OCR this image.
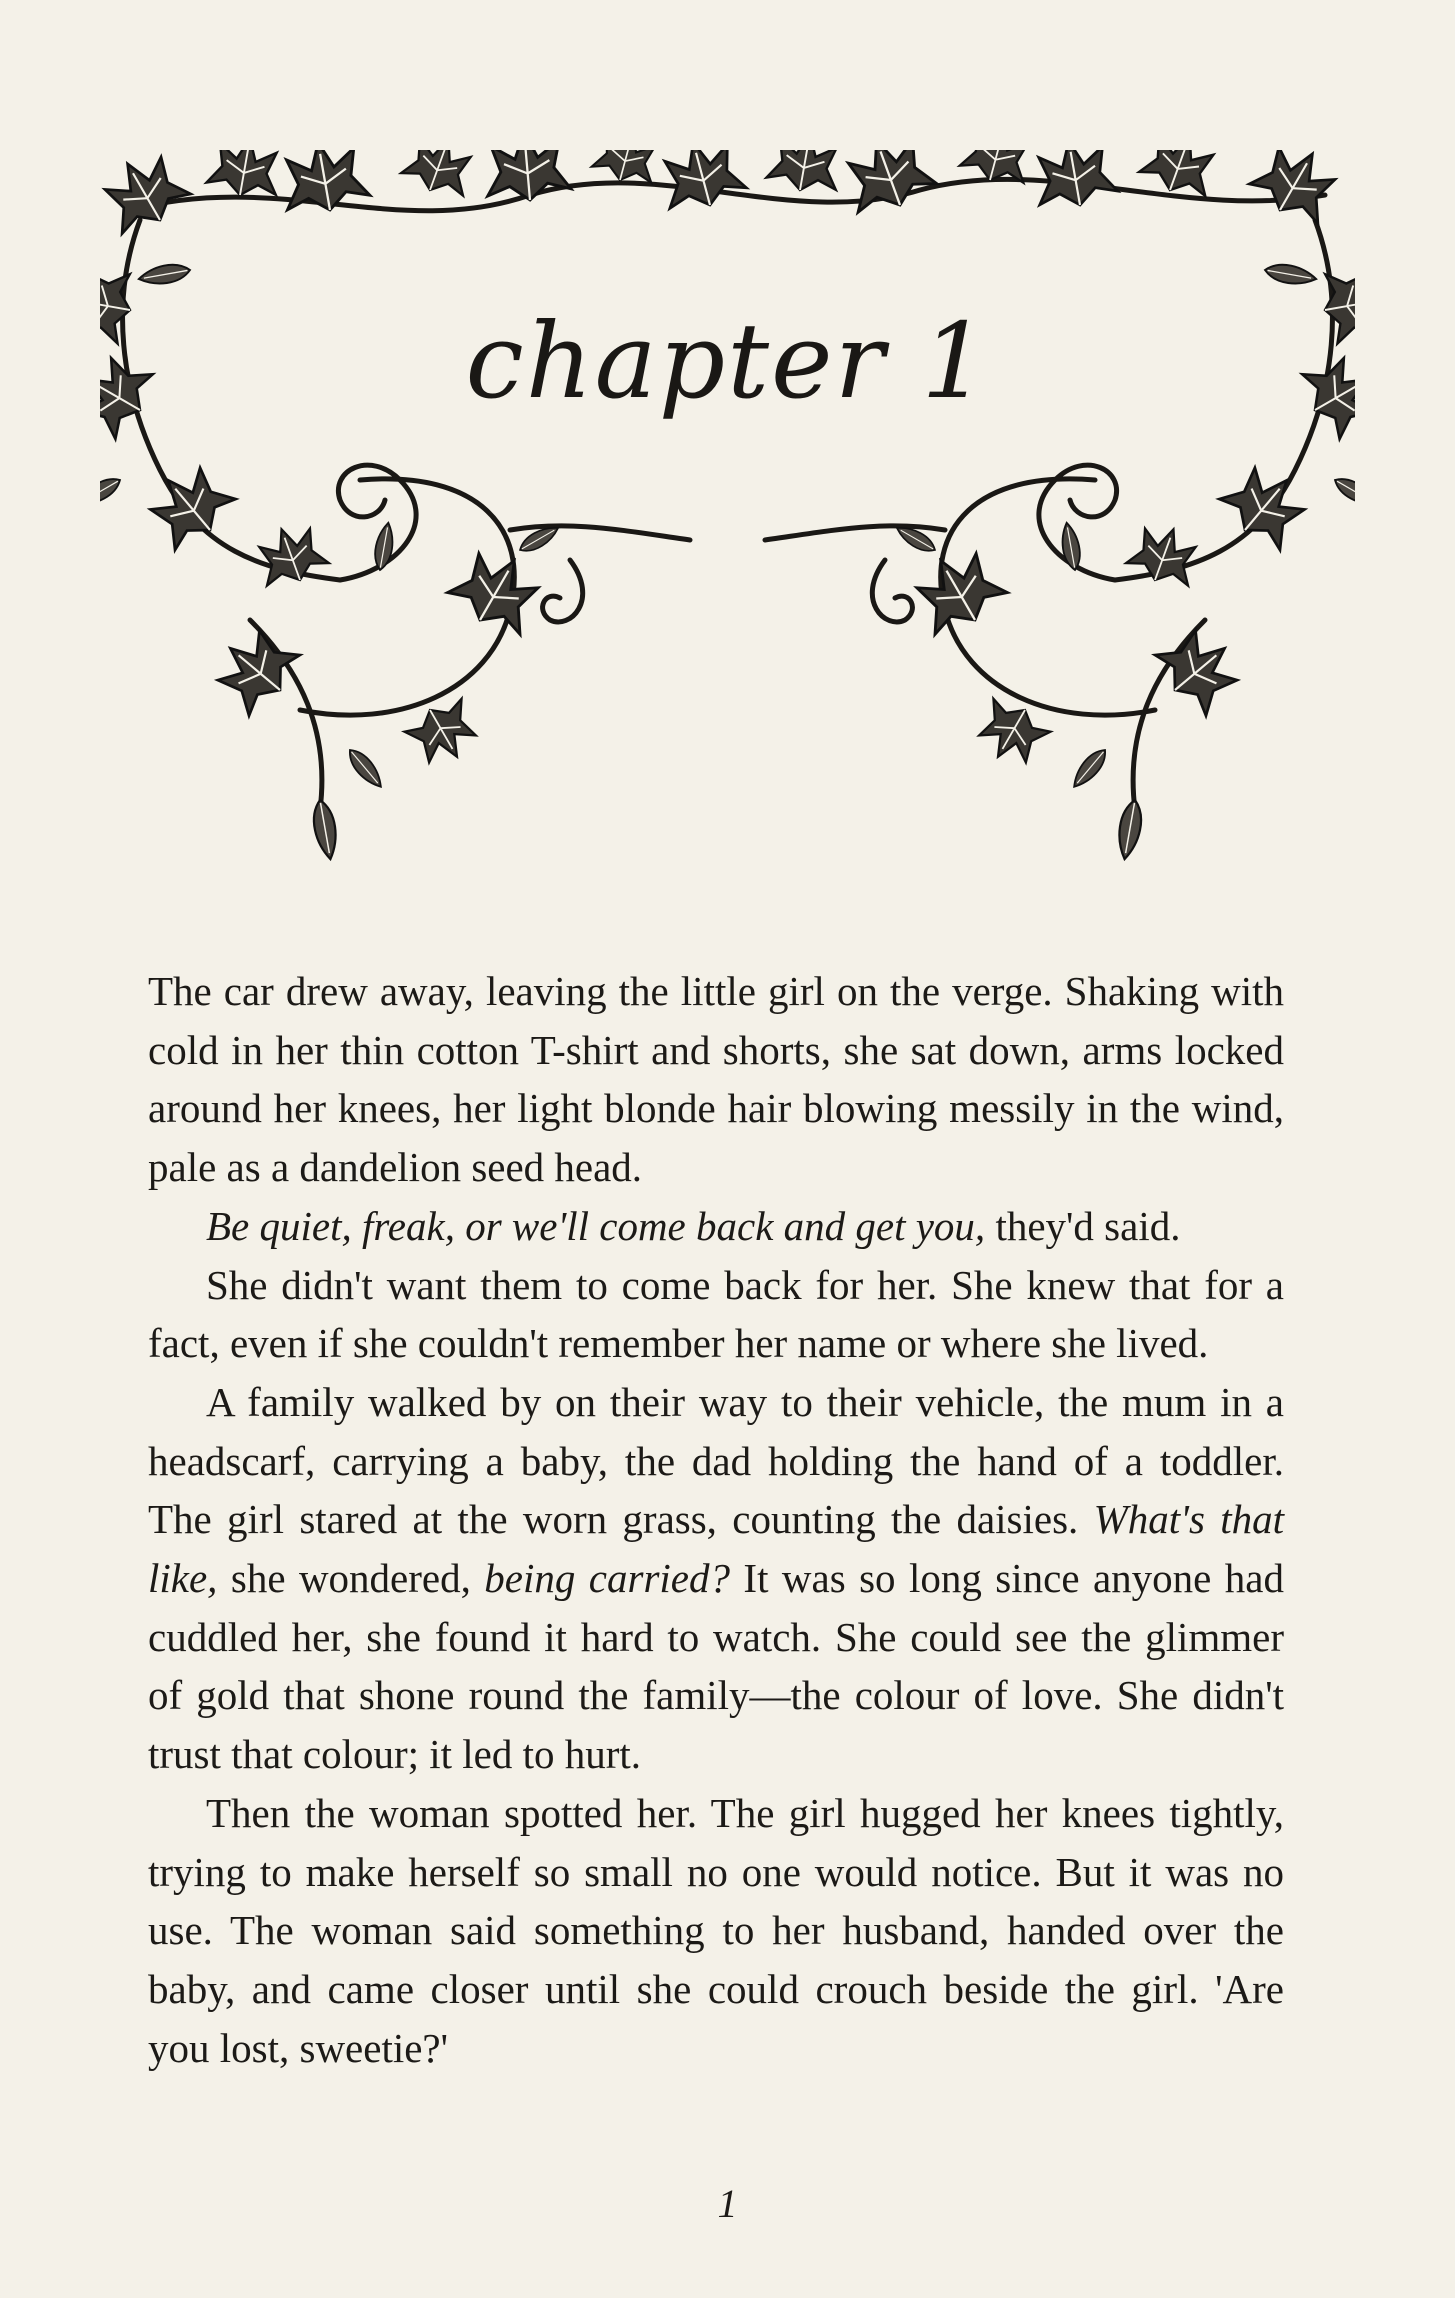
chapter 1

The car drew away, leaving the little girl on the verge. Shaking with cold in her thin cotton T-shirt and shorts, she sat down, arms locked around her knees, her light blonde hair blowing messily in the wind, pale as a dandelion seed head.

Be quiet, freak, or we'll come back and get you, they'd said.

She didn't want them to come back for her. She knew that for a fact, even if she couldn't remember her name or where she lived.

A family walked by on their way to their vehicle, the mum in a headscarf, carrying a baby, the dad holding the hand of a toddler. The girl stared at the worn grass, counting the daisies. What's that like, she wondered, being carried? It was so long since anyone had cuddled her, she found it hard to watch. She could see the glimmer of gold that shone round the family—the colour of love. She didn't trust that colour; it led to hurt.

Then the woman spotted her. The girl hugged her knees tightly, trying to make herself so small no one would notice. But it was no use. The woman said something to her husband, handed over the baby, and came closer until she could crouch beside the girl. 'Are you lost, sweetie?'

1
